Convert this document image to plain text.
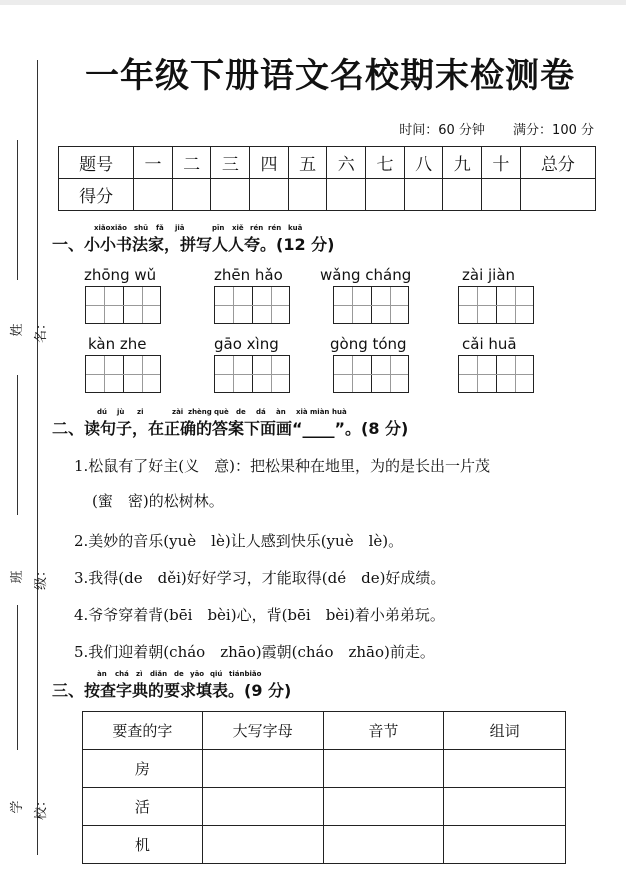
姓名：
班级：
学校：
一年级下册语文名校期末检测卷
时间：60 分钟 满分：100 分
题号	一	二	三	四	五	六	七	八	九	十	总分
得分											
xiǎoxiǎo shū fǎ jiā	pīn xiě rén rén kuā
一、小小书法家，拼写人人夸。(12 分)
zhōng wǔ	zhēn hǎo wǎng cháng	zài jiàn
kàn zhe	gāo xìng	gòng tóng	cǎi huā
dú jù zi	zài zhèng què de dá àn xià miàn huà
二、读句子，在正确的答案下面画“____”。(8 分)
1.松鼠有了好主(义　意)：把松果种在地里，为的是长出一片茂
(蜜　密)的松树林。
2.美妙的音乐(yuè　lè)让人感到快乐(yuè　lè)。
3.我得(de　děi)好好学习，才能取得(dé　de)好成绩。
4.爷爷穿着背(bēi　bèi)心，背(bēi　bèi)着小弟弟玩。
5.我们迎着朝(cháo　zhāo)霞朝(cháo　zhāo)前走。
àn chá zì diǎn de yāo qiú tiánbiǎo
三、按查字典的要求填表。(9 分)
要查的字	大写字母	音节	组词
房			
活			
机			
